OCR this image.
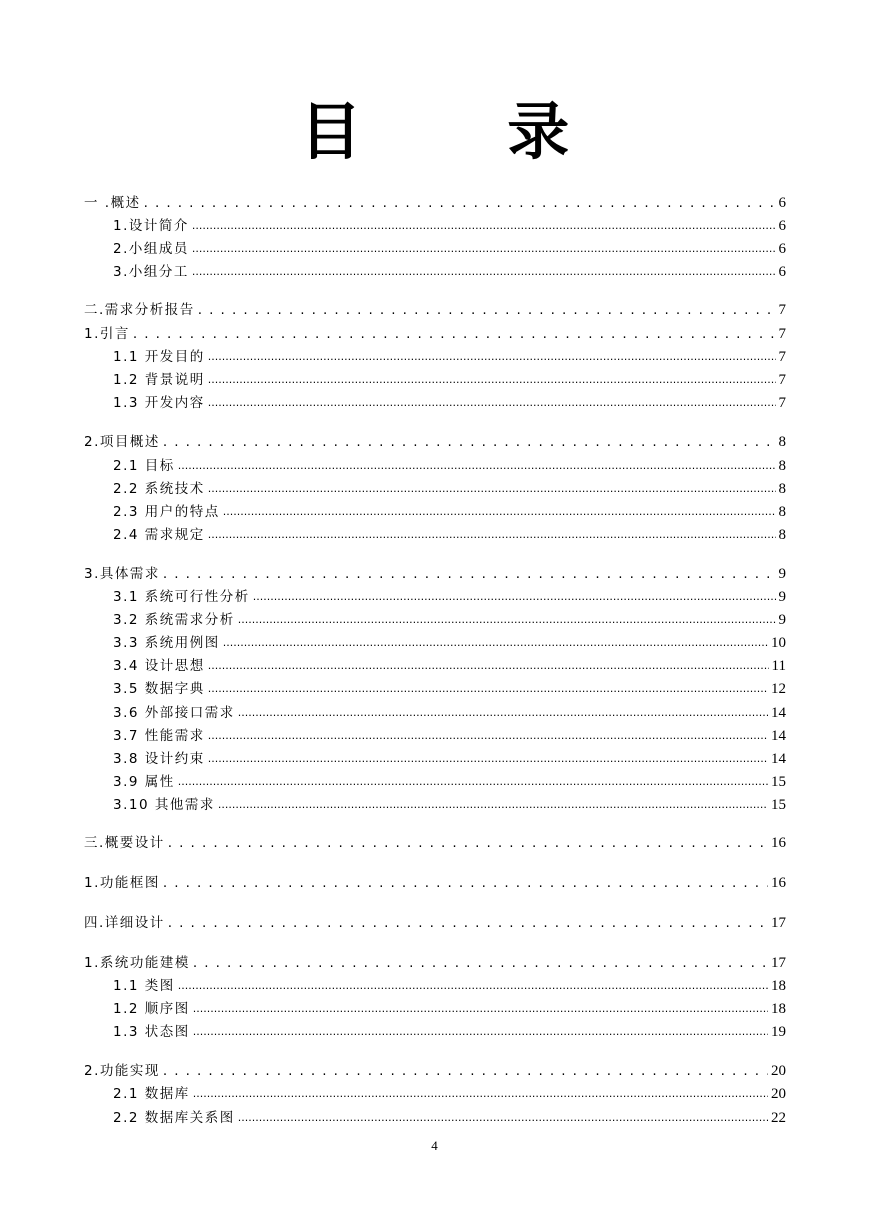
目 录
一 .概述 . . .	6
1.设计简介 .....	6
2.小组成员 .....	6
3.小组分工 .....	6
二.需求分析报告 . . .	7
1.引言 . . .	7
1.1 开发目的 .....	7
1.2 背景说明 .....	7
1.3 开发内容 .....	7
2.项目概述 . . .	8
2.1 目标 .....	8
2.2 系统技术 .....	8
2.3 用户的特点 .....	8
2.4 需求规定 .....	8
3.具体需求 . . .	9
3.1 系统可行性分析 .....	9
3.2 系统需求分析 .....	9
3.3 系统用例图 .....	10
3.4 设计思想 .....	11
3.5 数据字典 .....	12
3.6 外部接口需求 .....	14
3.7 性能需求 .....	14
3.8 设计约束 .....	14
3.9 属性 .....	15
3.10 其他需求 .....	15
三.概要设计 . . .	16
1.功能框图 . . .	16
四.详细设计 . . .	17
1.系统功能建模 . . .	17
1.1 类图 .....	18
1.2 顺序图 .....	18
1.3 状态图 .....	19
2.功能实现 . . .	20
2.1 数据库 .....	20
2.2 数据库关系图 .....	22
4
